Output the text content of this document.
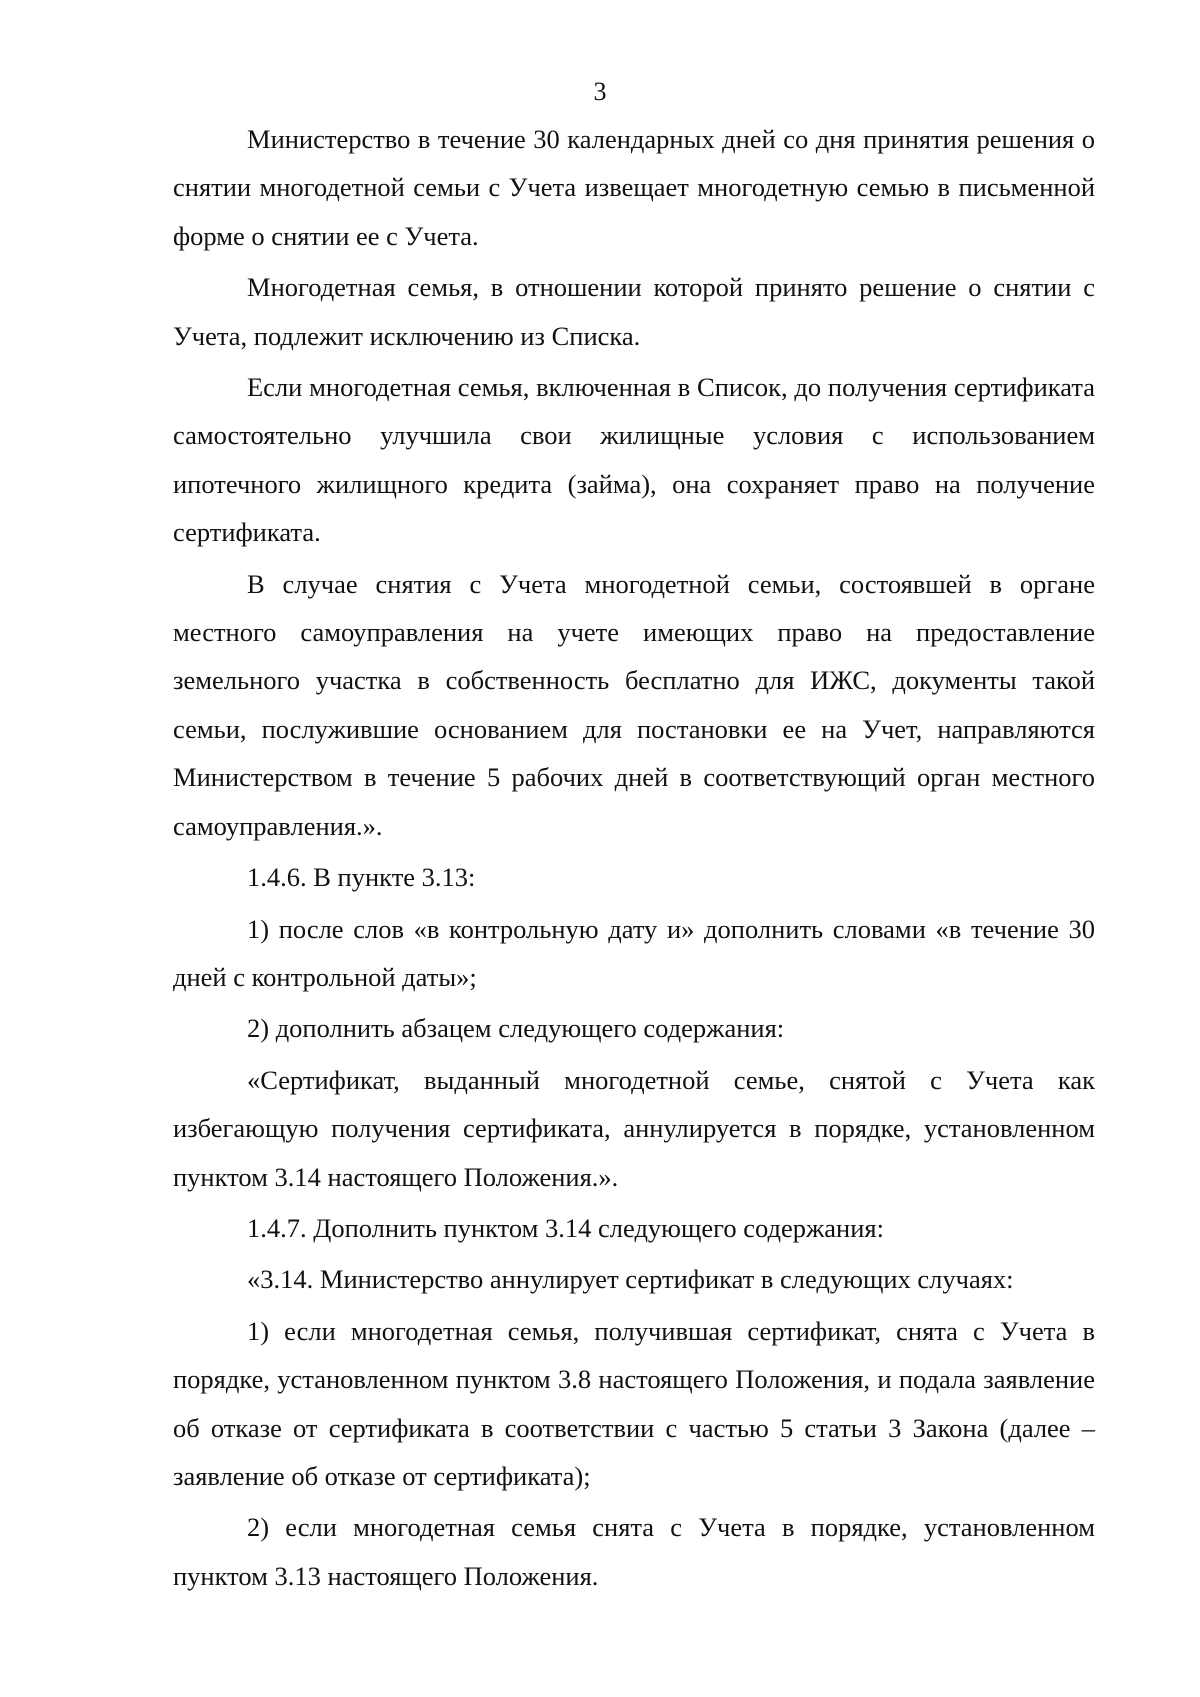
3

Министерство в течение 30 календарных дней со дня принятия решения о снятии многодетной семьи с Учета извещает многодетную семью в письменной форме о снятии ее с Учета.

Многодетная семья, в отношении которой принято решение о снятии с Учета, подлежит исключению из Списка.

Если многодетная семья, включенная в Список, до получения сертификата самостоятельно улучшила свои жилищные условия с использованием ипотечного жилищного кредита (займа), она сохраняет право на получение сертификата.

В случае снятия с Учета многодетной семьи, состоявшей в органе местного самоуправления на учете имеющих право на предоставление земельного участка в собственность бесплатно для ИЖС, документы такой семьи, послужившие основанием для постановки ее на Учет, направляются Министерством в течение 5 рабочих дней в соответствующий орган местного самоуправления.».

1.4.6. В пункте 3.13:

1) после слов «в контрольную дату и» дополнить словами «в течение 30 дней с контрольной даты»;

2) дополнить абзацем следующего содержания:

«Сертификат, выданный многодетной семье, снятой с Учета как избегающую получения сертификата, аннулируется в порядке, установленном пунктом 3.14 настоящего Положения.».

1.4.7. Дополнить пунктом 3.14 следующего содержания:

«3.14. Министерство аннулирует сертификат в следующих случаях:

1) если многодетная семья, получившая сертификат, снята с Учета в порядке, установленном пунктом 3.8 настоящего Положения, и подала заявление об отказе от сертификата в соответствии с частью 5 статьи 3 Закона (далее – заявление об отказе от сертификата);

2) если многодетная семья снята с Учета в порядке, установленном пунктом 3.13 настоящего Положения.
